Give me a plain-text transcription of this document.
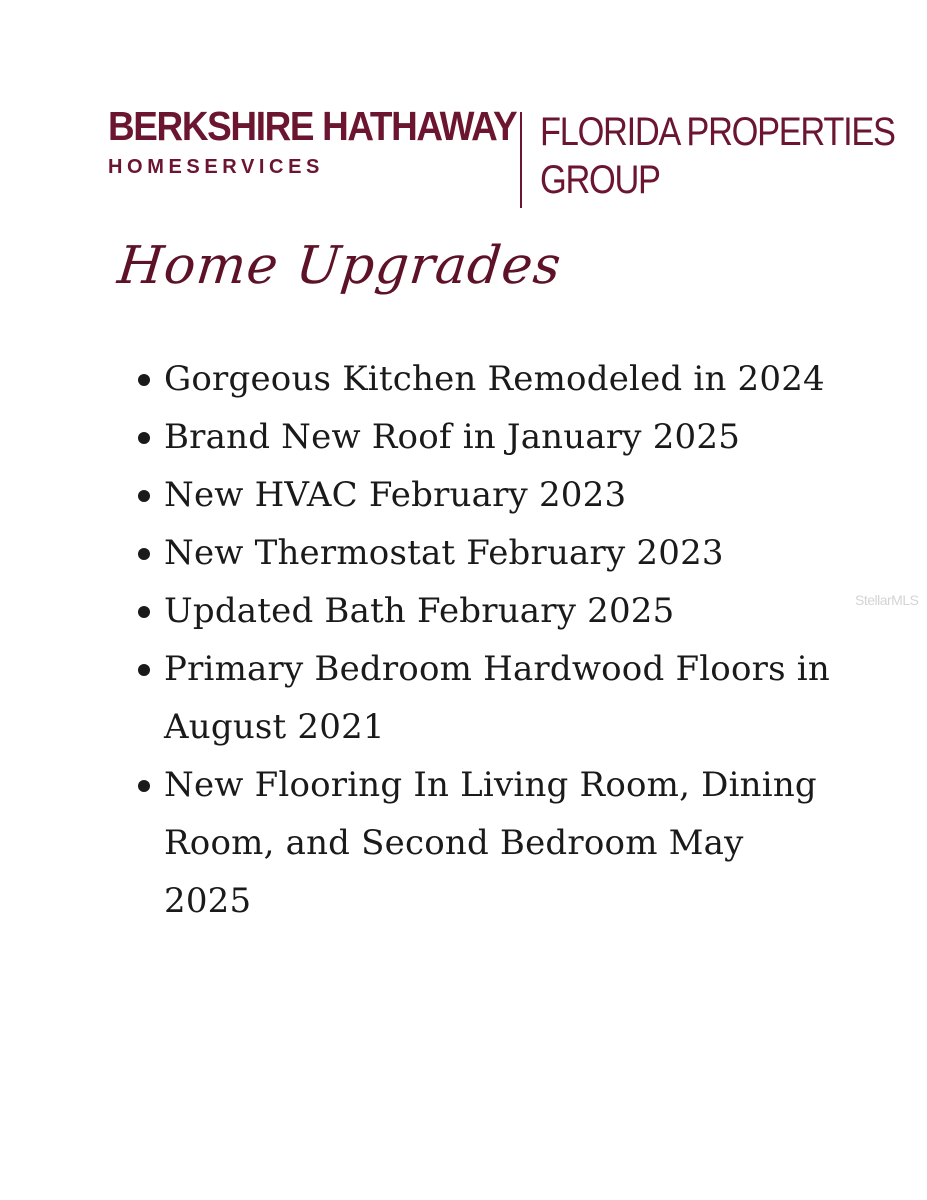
BERKSHIRE HATHAWAY
HOMESERVICES
FLORIDA PROPERTIES
GROUP
Home Upgrades
Gorgeous Kitchen Remodeled in 2024
Brand New Roof in January 2025
New HVAC February 2023
New Thermostat February 2023
Updated Bath February 2025
Primary Bedroom Hardwood Floors in August 2021
New Flooring In Living Room, Dining Room, and Second Bedroom May 2025
StellarMLS
